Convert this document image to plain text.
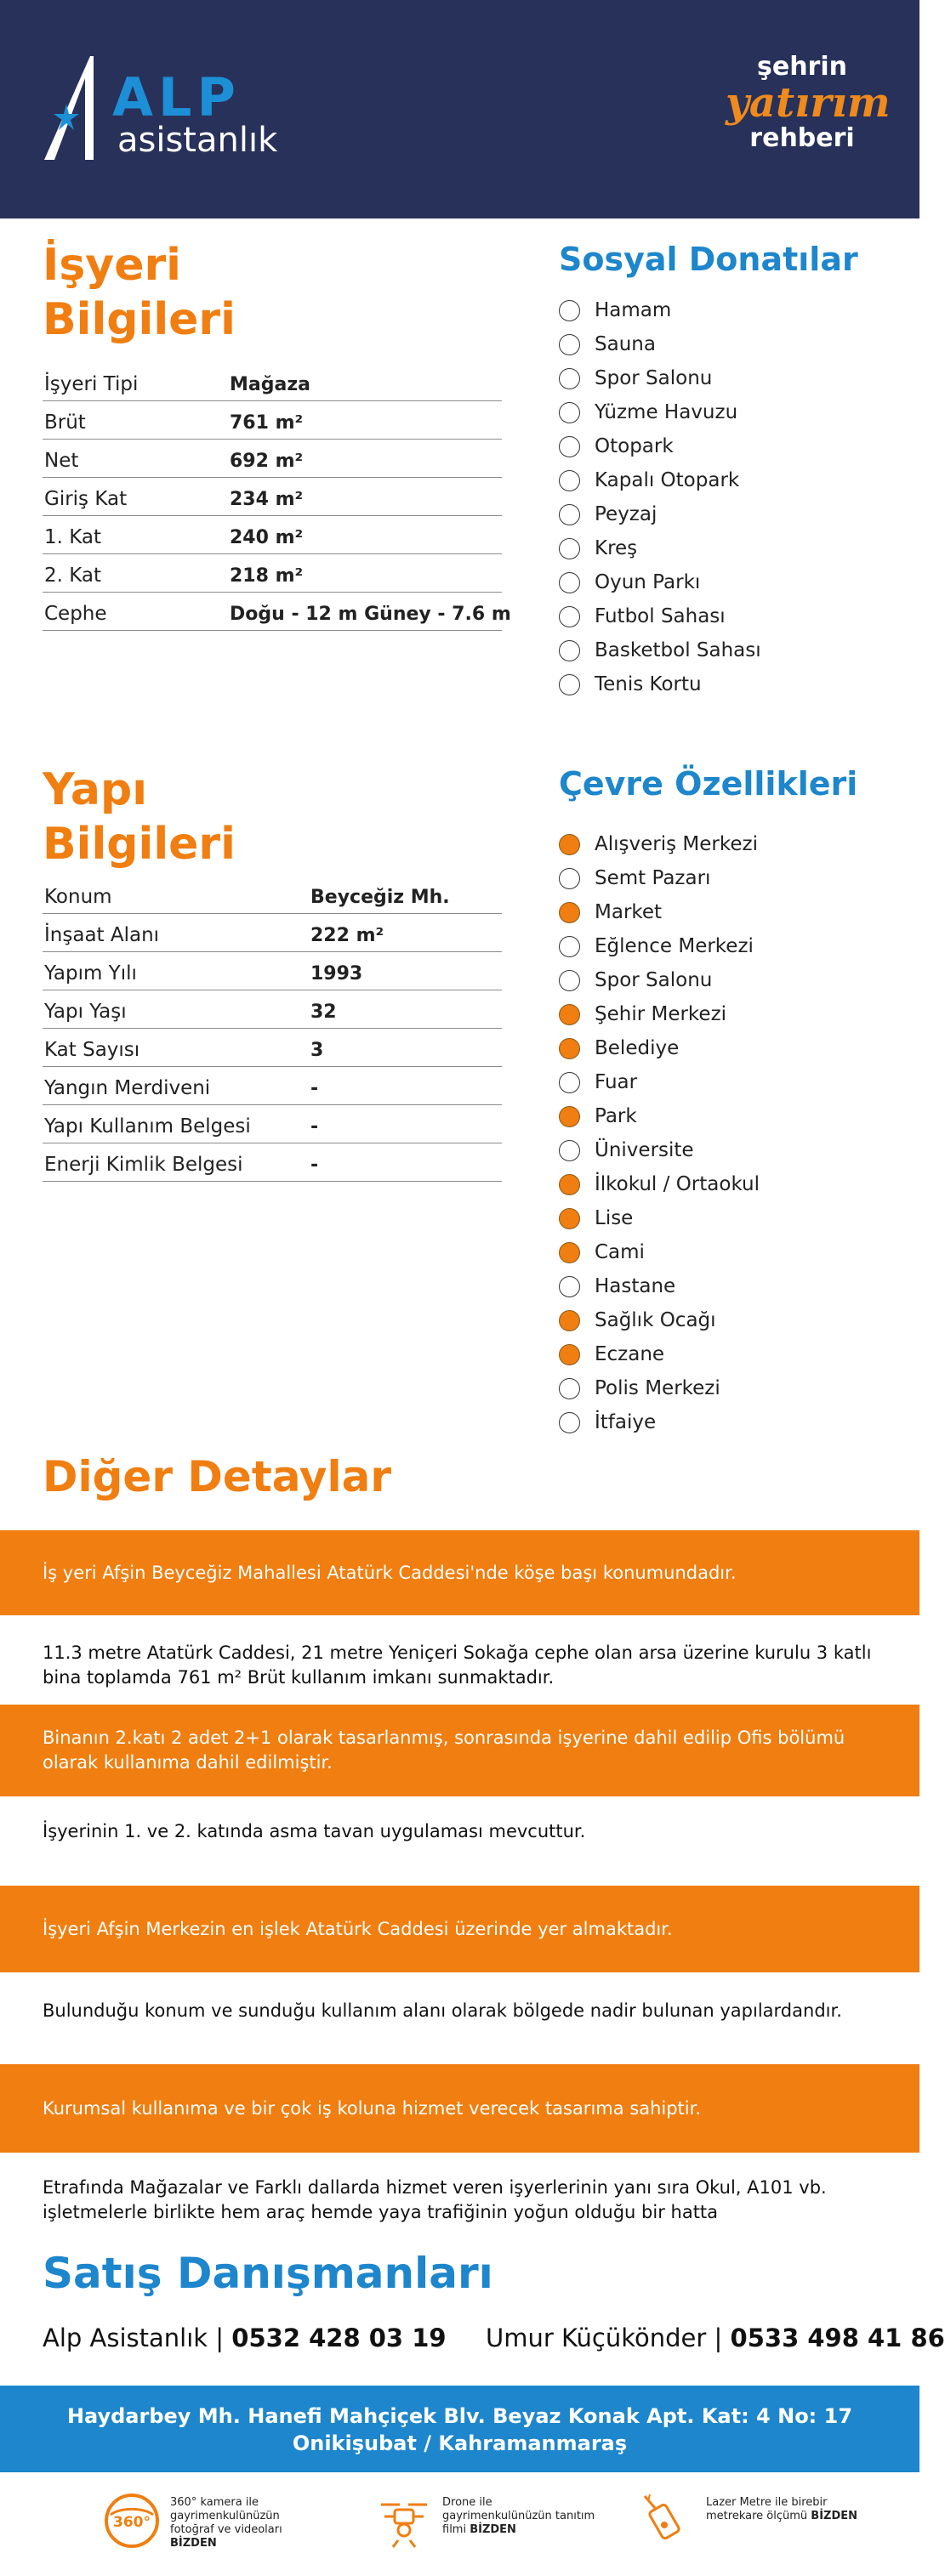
ALP
asistanlık
şehrin
yatırım
rehberi
İşyeri
Bilgileri
İşyeri Tipi	Mağaza
Brüt	761 m²
Net	692 m²
Giriş Kat	234 m²
1. Kat	240 m²
2. Kat	218 m²
Cephe	Doğu - 12 m Güney - 7.6 m
Sosyal Donatılar
Hamam
Sauna
Spor Salonu
Yüzme Havuzu
Otopark
Kapalı Otopark
Peyzaj
Kreş
Oyun Parkı
Futbol Sahası
Basketbol Sahası
Tenis Kortu
Yapı
Bilgileri
Konum	Beyceğiz Mh.
İnşaat Alanı	222 m²
Yapım Yılı	1993
Yapı Yaşı	32
Kat Sayısı	3
Yangın Merdiveni	-
Yapı Kullanım Belgesi	-
Enerji Kimlik Belgesi	-
Çevre Özellikleri
Alışveriş Merkezi
Semt Pazarı
Market
Eğlence Merkezi
Spor Salonu
Şehir Merkezi
Belediye
Fuar
Park
Üniversite
İlkokul / Ortaokul
Lise
Cami
Hastane
Sağlık Ocağı
Eczane
Polis Merkezi
İtfaiye
Diğer Detaylar
İş yeri Afşin Beyceğiz Mahallesi Atatürk Caddesi'nde köşe başı konumundadır.
11.3 metre Atatürk Caddesi, 21 metre Yeniçeri Sokağa cephe olan arsa üzerine kurulu 3 katlı bina toplamda 761 m² Brüt kullanım imkanı sunmaktadır.
Binanın 2.katı 2 adet 2+1 olarak tasarlanmış, sonrasında işyerine dahil edilip Ofis bölümü olarak kullanıma dahil edilmiştir.
İşyerinin 1. ve 2. katında asma tavan uygulaması mevcuttur.
İşyeri Afşin Merkezin en işlek Atatürk Caddesi üzerinde yer almaktadır.
Bulunduğu konum ve sunduğu kullanım alanı olarak bölgede nadir bulunan yapılardandır.
Kurumsal kullanıma ve bir çok iş koluna hizmet verecek tasarıma sahiptir.
Etrafında Mağazalar ve Farklı dallarda hizmet veren işyerlerinin yanı sıra Okul, A101 vb. işletmelerle birlikte hem araç hemde yaya trafiğinin yoğun olduğu bir hatta
Satış Danışmanları
Alp Asistanlık | 0532 428 03 19 Umur Küçükönder | 0533 498 41 86
Haydarbey Mh. Hanefi Mahçiçek Blv. Beyaz Konak Apt. Kat: 4 No: 17
Onikişubat / Kahramanmaraş
360°
360° kamera ile gayrimenkulünüzün fotoğraf ve videoları BİZDEN
Drone ile gayrimenkulünüzün tanıtım filmi BİZDEN
Lazer Metre ile birebir metrekare ölçümü BİZDEN
